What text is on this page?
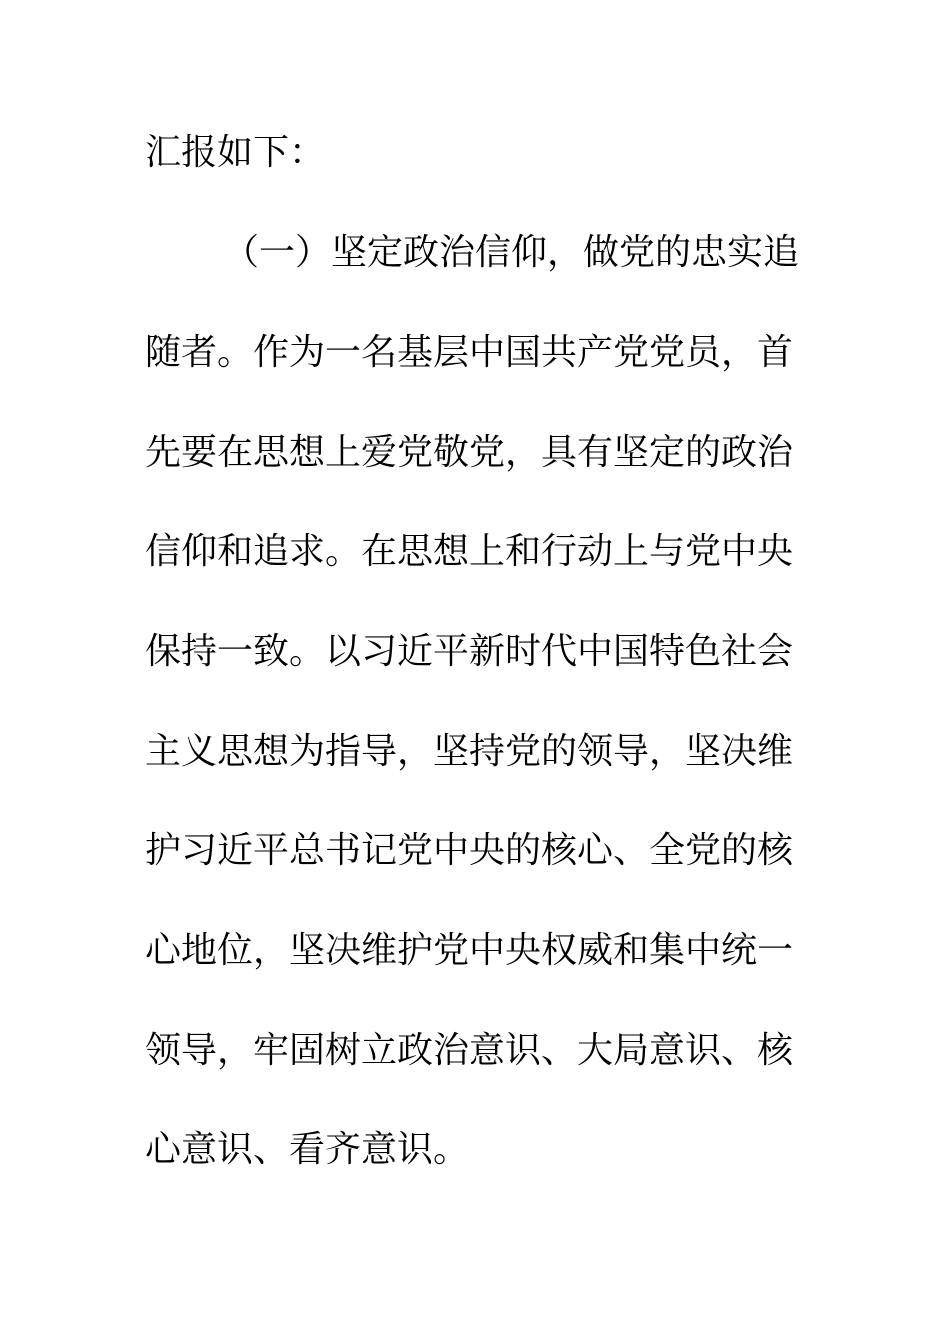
汇报如下：

（一）坚定政治信仰，做党的忠实追

随者。作为一名基层中国共产党党员，首

先要在思想上爱党敬党，具有坚定的政治

信仰和追求。在思想上和行动上与党中央

保持一致。以习近平新时代中国特色社会

主义思想为指导，坚持党的领导，坚决维

护习近平总书记党中央的核心、全党的核

心地位，坚决维护党中央权威和集中统一

领导，牢固树立政治意识、大局意识、核

心意识、看齐意识。
